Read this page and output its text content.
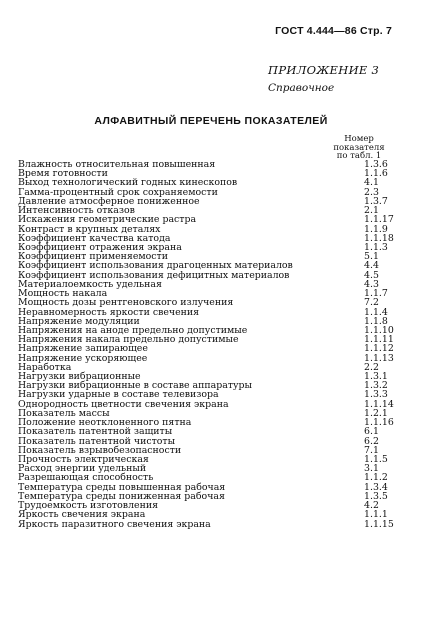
ГОСТ 4.444—86 Стр. 7
ПРИЛОЖЕНИЕ 3
Справочное
АЛФАВИТНЫЙ ПЕРЕЧЕНЬ ПОКАЗАТЕЛЕЙ
Номер
показателя
по табл. 1
Влажность относительная повышенная	1.3.6
Время готовности	1.1.6
Выход технологический годных кинескопов	4.1
Гамма-процентный срок сохраняемости	2.3
Давление атмосферное пониженное	1.3.7
Интенсивность отказов	2.1
Искажения геометрические растра	1.1.17
Контраст в крупных деталях	1.1.9
Коэффициент качества катода	1.1.18
Коэффициент отражения экрана	1.1.3
Коэффициент применяемости	5.1
Коэффициент использования драгоценных материалов	4.4
Коэффициент использования дефицитных материалов	4.5
Материалоемкость удельная	4.3
Мощность накала	1.1.7
Мощность дозы рентгеновского излучения	7.2
Неравномерность яркости свечения	1.1.4
Напряжение модуляции	1.1.8
Напряжения на аноде предельно допустимые	1.1.10
Напряжения накала предельно допустимые	1.1.11
Напряжение запирающее	1.1.12
Напряжение ускоряющее	1.1.13
Наработка	2.2
Нагрузки вибрационные	1.3.1
Нагрузки вибрационные в составе аппаратуры	1.3.2
Нагрузки ударные в составе телевизора	1.3.3
Однородность цветности свечения экрана	1.1.14
Показатель массы	1.2.1
Положение неотклоненного пятна	1.1.16
Показатель патентной защиты	6.1
Показатель патентной чистоты	6.2
Показатель взрывобезопасности	7.1
Прочность электрическая	1.1.5
Расход энергии удельный	3.1
Разрешающая способность	1.1.2
Температура среды повышенная рабочая	1.3.4
Температура среды пониженная рабочая	1.3.5
Трудоемкость изготовления	4.2
Яркость свечения экрана	1.1.1
Яркость паразитного свечения экрана	1.1.15
